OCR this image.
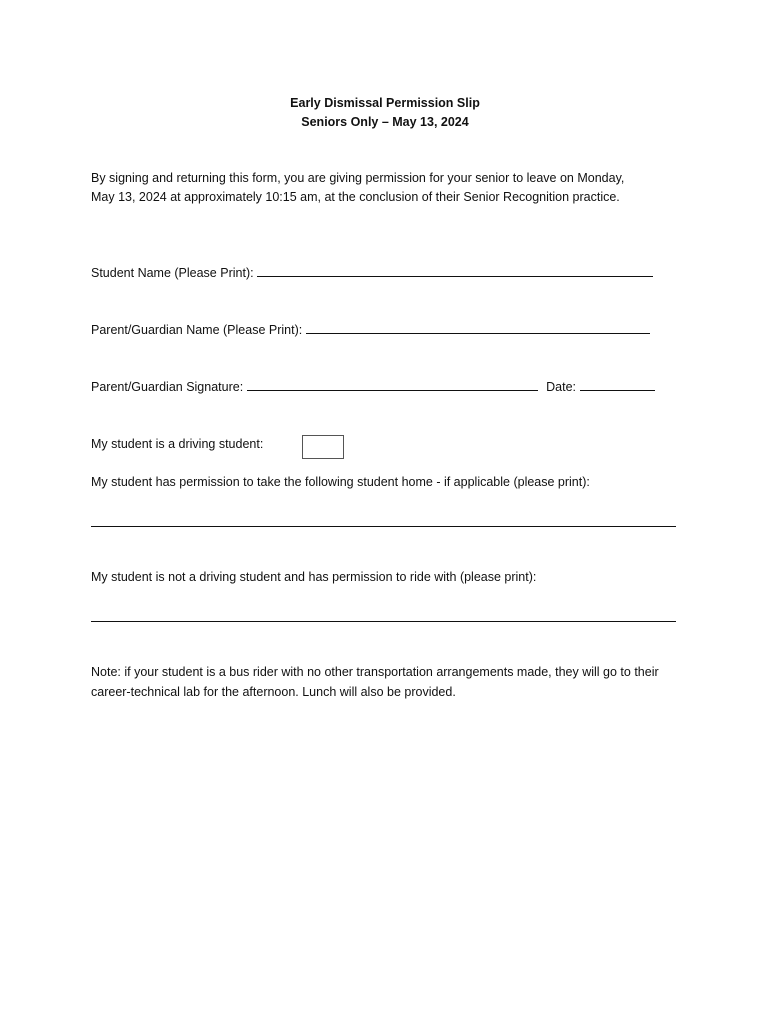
Early Dismissal Permission Slip
Seniors Only – May 13, 2024
By signing and returning this form, you are giving permission for your senior to leave on Monday, May 13, 2024 at approximately 10:15 am, at the conclusion of their Senior Recognition practice.
Student Name (Please Print):
Parent/Guardian Name (Please Print):
Parent/Guardian Signature:	Date:
My student is a driving student:
My student has permission to take the following student home - if applicable (please print):
My student is not a driving student and has permission to ride with (please print):
Note: if your student is a bus rider with no other transportation arrangements made, they will go to their career-technical lab for the afternoon. Lunch will also be provided.
